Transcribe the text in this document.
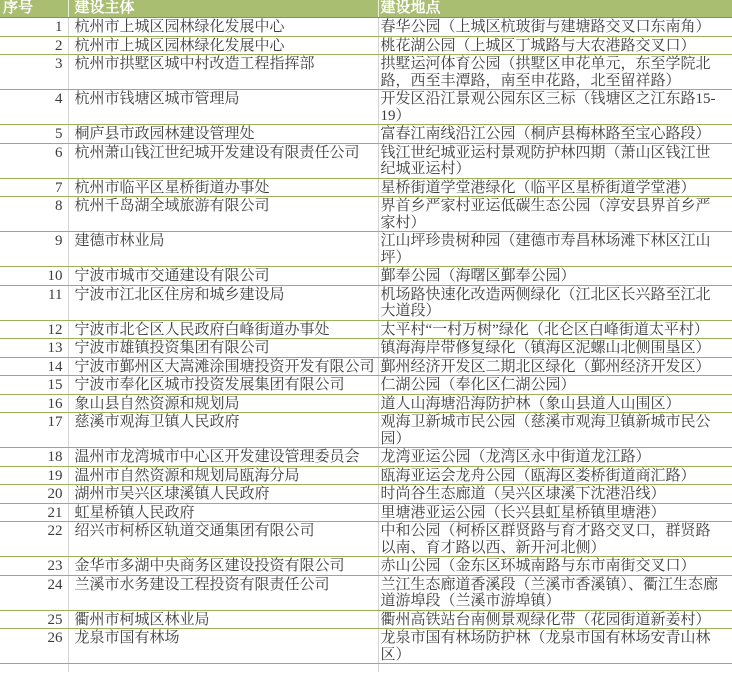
序号	建设主体	建设地点
1	杭州市上城区园林绿化发展中心	春华公园（上城区杭玻街与建塘路交叉口东南角）
2	杭州市上城区园林绿化发展中心	桃花湖公园（上城区丁城路与大农港路交叉口）
3	杭州市拱墅区城中村改造工程指挥部	拱墅运河体育公园（拱墅区申花单元，东至学院北路，西至丰潭路，南至申花路，北至留祥路）
4	杭州市钱塘区城市管理局	开发区沿江景观公园东区三标（钱塘区之江东路15-19）
5	桐庐县市政园林建设管理处	富春江南线沿江公园（桐庐县梅林路至宝心路段）
6	杭州萧山钱江世纪城开发建设有限责任公司	钱江世纪城亚运村景观防护林四期（萧山区钱江世纪城亚运村）
7	杭州市临平区星桥街道办事处	星桥街道学堂港绿化（临平区星桥街道学堂港）
8	杭州千岛湖全域旅游有限公司	界首乡严家村亚运低碳生态公园（淳安县界首乡严家村）
9	建德市林业局	江山坪珍贵树种园（建德市寿昌林场滩下林区江山坪）
10	宁波市城市交通建设有限公司	鄞奉公园（海曙区鄞奉公园）
11	宁波市江北区住房和城乡建设局	机场路快速化改造两侧绿化（江北区长兴路至江北大道段）
12	宁波市北仑区人民政府白峰街道办事处	太平村“一村万树”绿化（北仑区白峰街道太平村）
13	宁波市雄镇投资集团有限公司	镇海海岸带修复绿化（镇海区泥螺山北侧围垦区）
14	宁波市鄞州区大嵩滩涂围塘投资开发有限公司	鄞州经济开发区二期北区绿化（鄞州经济开发区）
15	宁波市奉化区城市投资发展集团有限公司	仁湖公园（奉化区仁湖公园）
16	象山县自然资源和规划局	道人山海塘沿海防护林（象山县道人山围区）
17	慈溪市观海卫镇人民政府	观海卫新城市民公园（慈溪市观海卫镇新城市民公园）
18	温州市龙湾城市中心区开发建设管理委员会	龙湾亚运公园（龙湾区永中街道龙江路）
19	温州市自然资源和规划局瓯海分局	瓯海亚运会龙舟公园（瓯海区娄桥街道商汇路）
20	湖州市吴兴区埭溪镇人民政府	时尚谷生态廊道（吴兴区埭溪下沈港沿线）
21	虹星桥镇人民政府	里塘港亚运公园（长兴县虹星桥镇里塘港）
22	绍兴市柯桥区轨道交通集团有限公司	中和公园（柯桥区群贤路与育才路交叉口，群贤路以南、育才路以西、新开河北侧）
23	金华市多湖中央商务区建设投资有限公司	赤山公园（金东区环城南路与东市南街交叉口）
24	兰溪市水务建设工程投资有限责任公司	兰江生态廊道香溪段（兰溪市香溪镇）、衢江生态廊道游埠段（兰溪市游埠镇）
25	衢州市柯城区林业局	衢州高铁站台南侧景观绿化带（花园街道新姜村）
26	龙泉市国有林场	龙泉市国有林场防护林（龙泉市国有林场安青山林区）
